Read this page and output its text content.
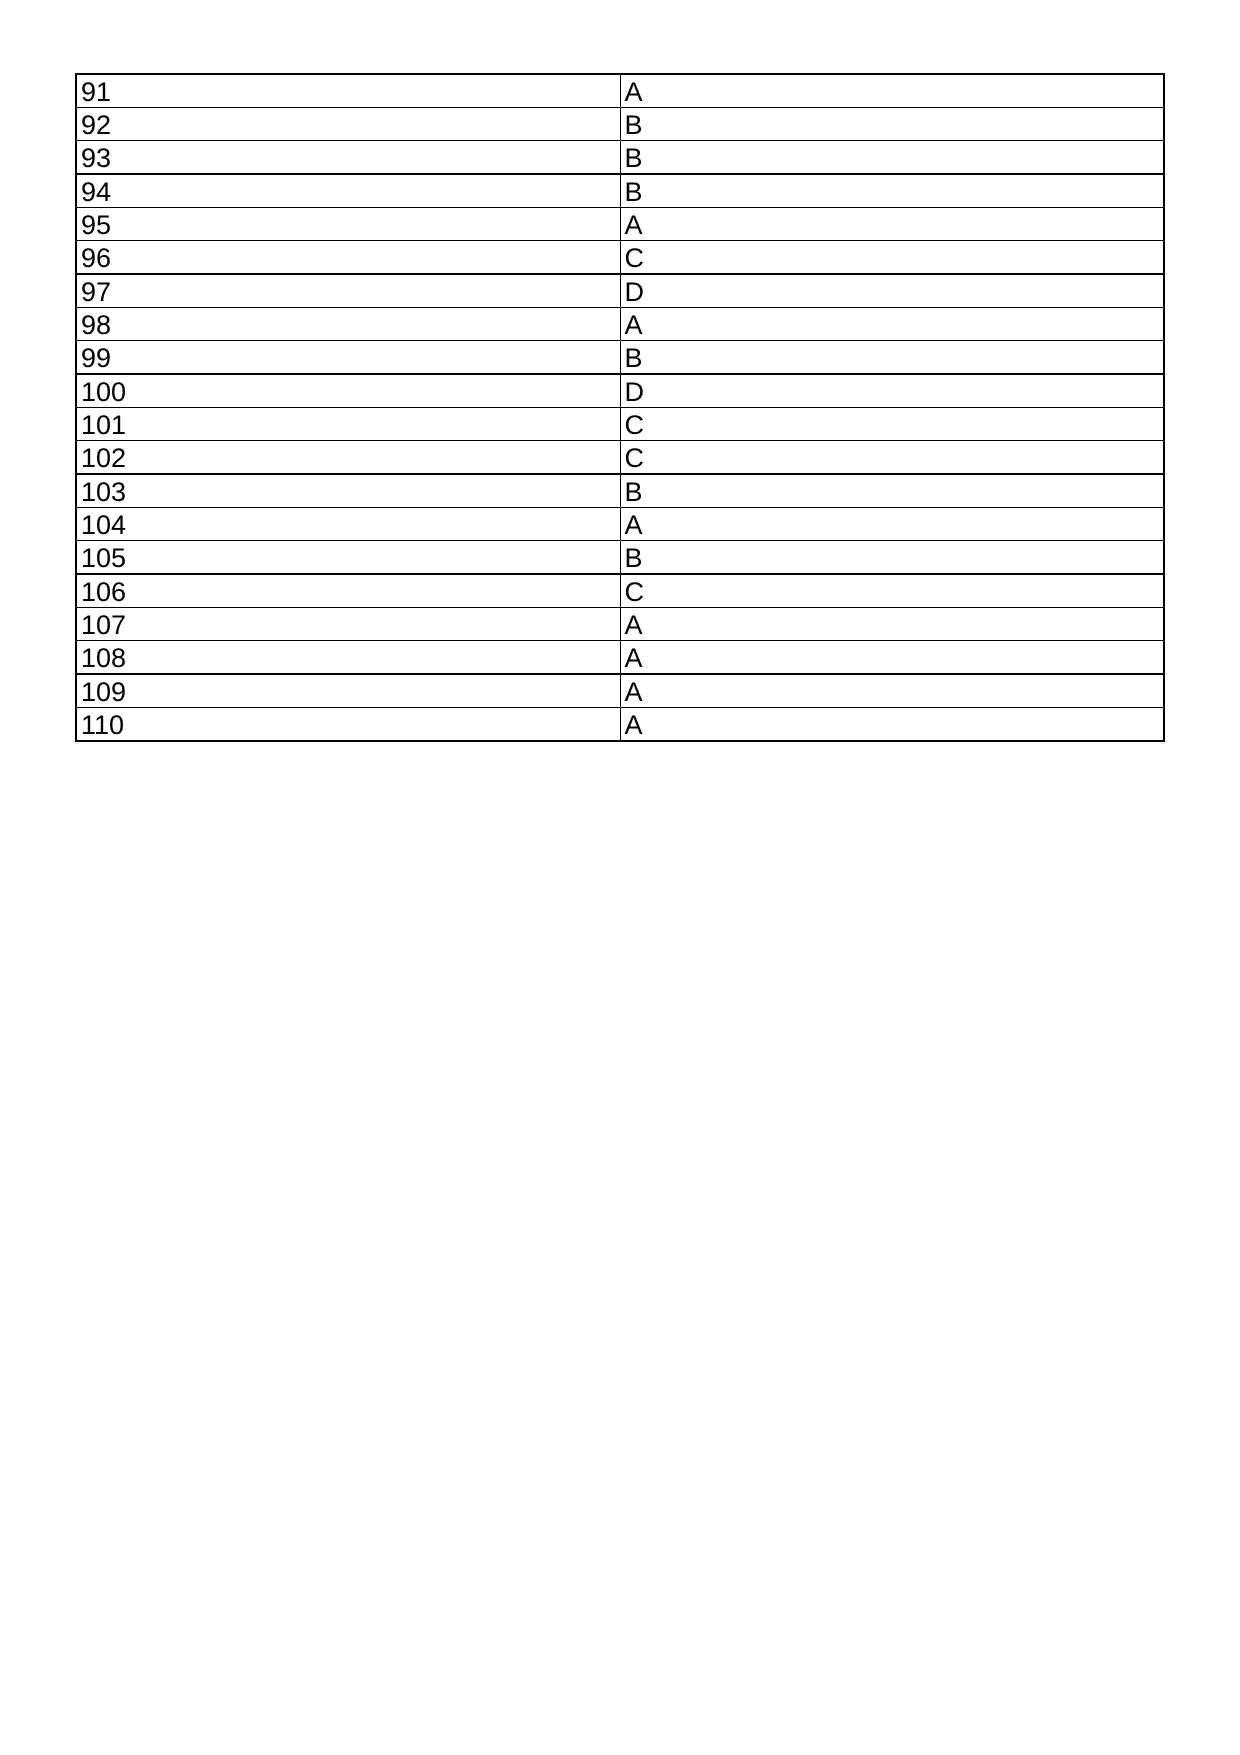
91	A
92	B
93	B
94	B
95	A
96	C
97	D
98	A
99	B
100	D
101	C
102	C
103	B
104	A
105	B
106	C
107	A
108	A
109	A
110	A
